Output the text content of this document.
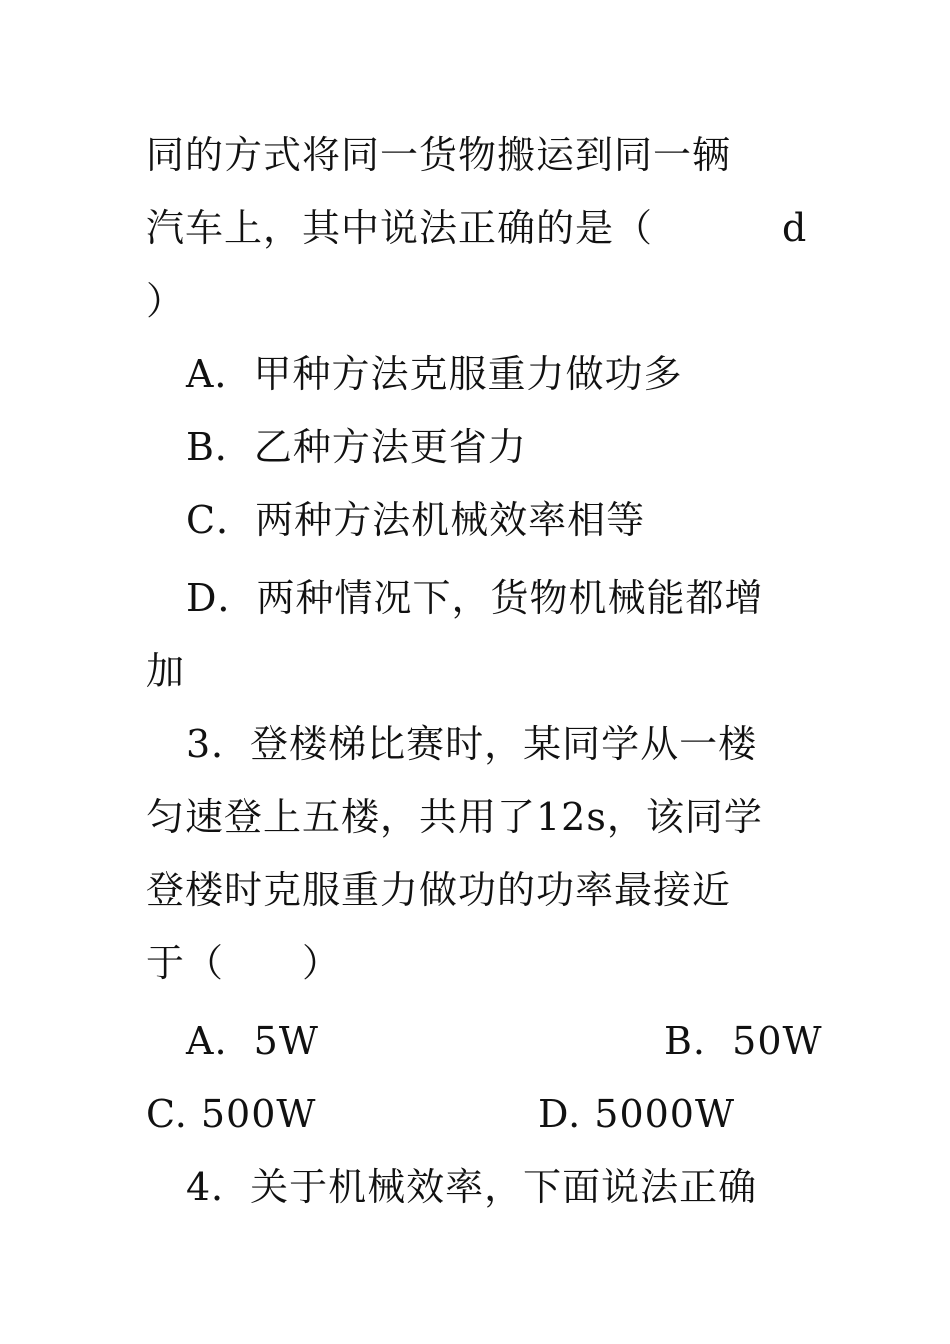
同的方式将同一货物搬运到同一辆
汽车上，其中说法正确的是（	d
）
A．甲种方法克服重力做功多
B．乙种方法更省力
C．两种方法机械效率相等
D．两种情况下，货物机械能都增
加
3．登楼梯比赛时，某同学从一楼
匀速登上五楼，共用了12s，该同学
登楼时克服重力做功的功率最接近
于（　　）
A.  5W	B.  50W
C. 500W	D. 5000W
4．关于机械效率，下面说法正确
